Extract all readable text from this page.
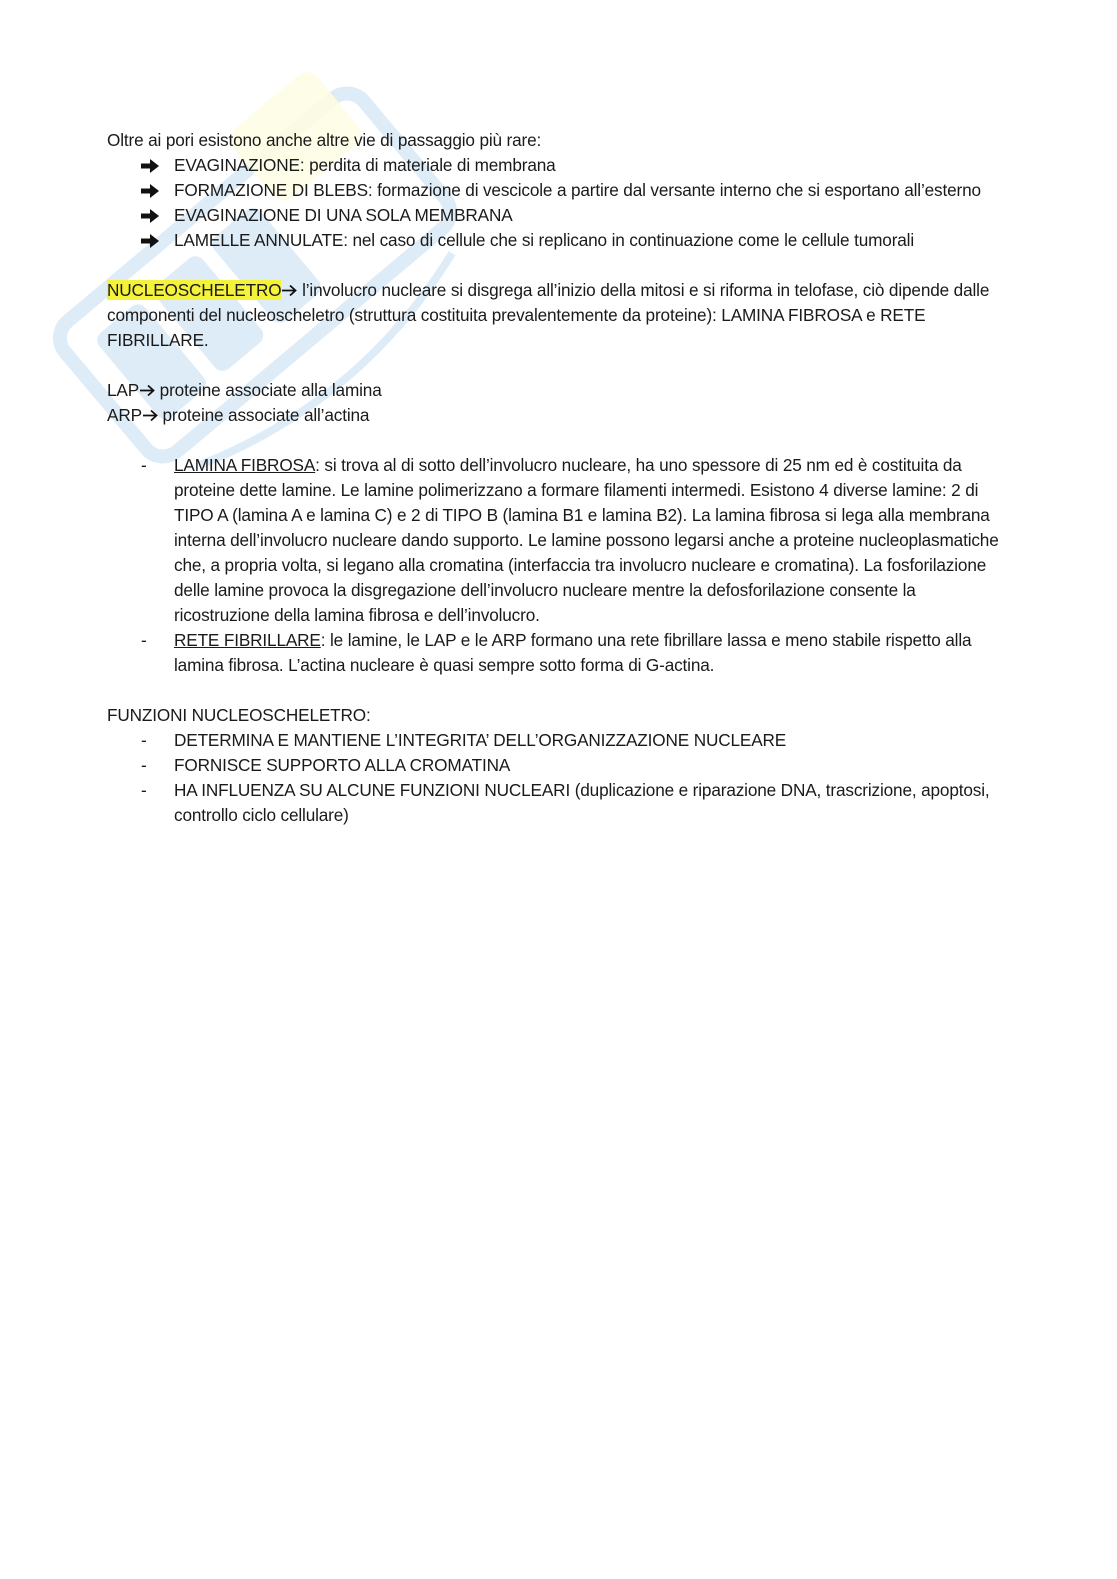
Oltre ai pori esistono anche altre vie di passaggio più rare:

EVAGINAZIONE: perdita di materiale di membrana
FORMAZIONE DI BLEBS: formazione di vescicole a partire dal versante interno che si esportano all’esterno
EVAGINAZIONE DI UNA SOLA MEMBRANA
LAMELLE ANNULATE: nel caso di cellule che si replicano in continuazione come le cellule tumorali

NUCLEOSCHELETRO l’involucro nucleare si disgrega all’inizio della mitosi e si riforma in telofase, ciò dipende dalle componenti del nucleoscheletro (struttura costituita prevalentemente da proteine): LAMINA FIBROSA e RETE FIBRILLARE.

LAP proteine associate alla lamina

ARP proteine associate all’actina

-	LAMINA FIBROSA: si trova al di sotto dell’involucro nucleare, ha uno spessore di 25 nm ed è costituita da proteine dette lamine. Le lamine polimerizzano a formare filamenti intermedi. Esistono 4 diverse lamine: 2 di TIPO A (lamina A e lamina C) e 2 di TIPO B (lamina B1 e lamina B2). La lamina fibrosa si lega alla membrana interna dell’involucro nucleare dando supporto. Le lamine possono legarsi anche a proteine nucleoplasmatiche che, a propria volta, si legano alla cromatina (interfaccia tra involucro nucleare e cromatina). La fosforilazione delle lamine provoca la disgregazione dell’involucro nucleare mentre la defosforilazione consente la ricostruzione della lamina fibrosa e dell’involucro.
-	RETE FIBRILLARE: le lamine, le LAP e le ARP formano una rete fibrillare lassa e meno stabile rispetto alla lamina fibrosa. L’actina nucleare è quasi sempre sotto forma di G-actina.

FUNZIONI NUCLEOSCHELETRO:

-	DETERMINA E MANTIENE L’INTEGRITA’ DELL’ORGANIZZAZIONE NUCLEARE
-	FORNISCE SUPPORTO ALLA CROMATINA
-	HA INFLUENZA SU ALCUNE FUNZIONI NUCLEARI (duplicazione e riparazione DNA, trascrizione, apoptosi, controllo ciclo cellulare)
